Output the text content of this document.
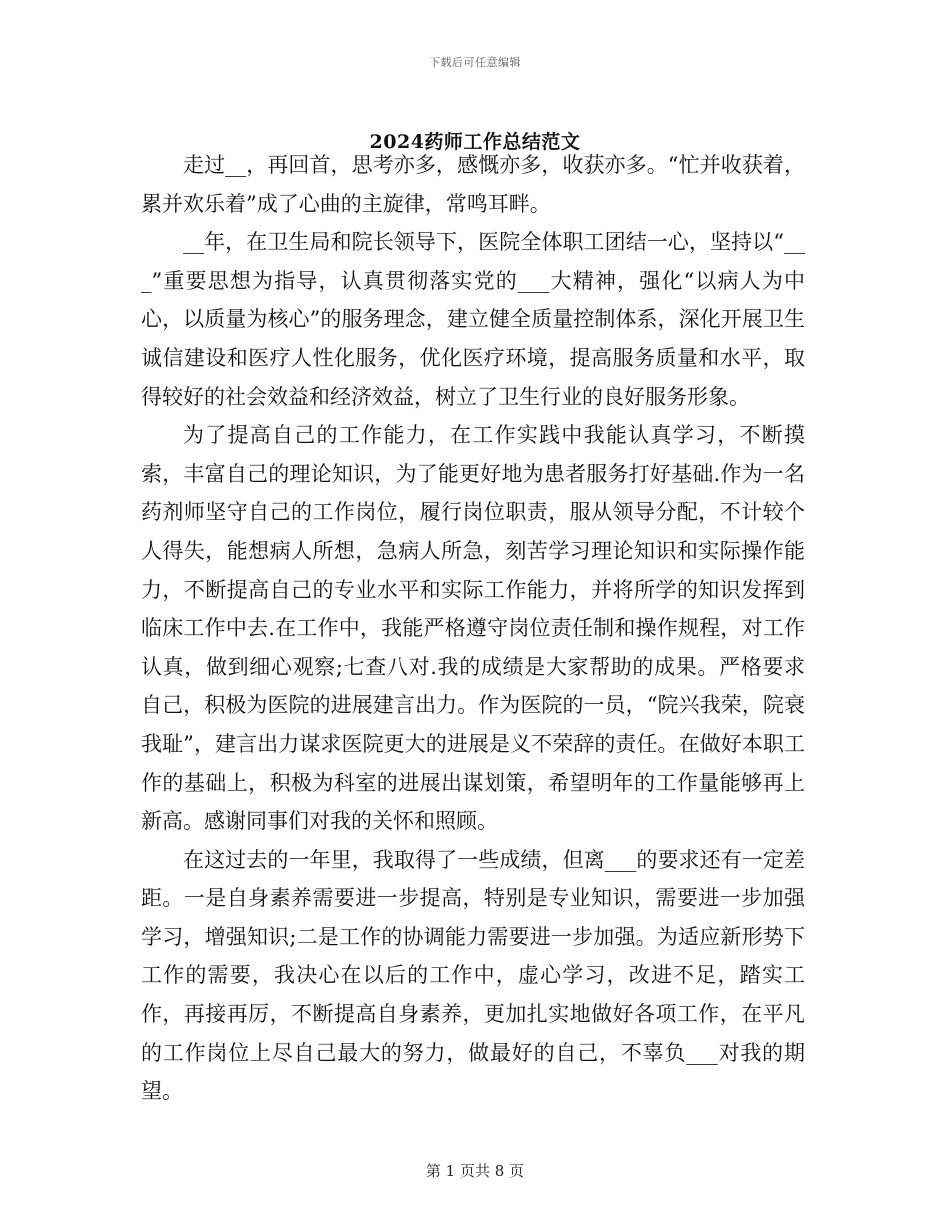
下载后可任意编辑
2024药师工作总结范文

走过__，再回首，思考亦多，感慨亦多，收获亦多。“忙并收获着，累并欢乐着”成了心曲的主旋律，常鸣耳畔。

__年，在卫生局和院长领导下，医院全体职工团结一心，坚持以“___”重要思想为指导，认真贯彻落实党的___大精神，强化“以病人为中心，以质量为核心”的服务理念，建立健全质量控制体系，深化开展卫生诚信建设和医疗人性化服务，优化医疗环境，提高服务质量和水平，取得较好的社会效益和经济效益，树立了卫生行业的良好服务形象。

为了提高自己的工作能力，在工作实践中我能认真学习，不断摸索，丰富自己的理论知识，为了能更好地为患者服务打好基础.作为一名药剂师坚守自己的工作岗位，履行岗位职责，服从领导分配，不计较个人得失，能想病人所想，急病人所急，刻苦学习理论知识和实际操作能力，不断提高自己的专业水平和实际工作能力，并将所学的知识发挥到临床工作中去.在工作中，我能严格遵守岗位责任制和操作规程，对工作认真，做到细心观察;七查八对.我的成绩是大家帮助的成果。严格要求自己，积极为医院的进展建言出力。作为医院的一员，“院兴我荣，院衰我耻”，建言出力谋求医院更大的进展是义不荣辞的责任。在做好本职工作的基础上，积极为科室的进展出谋划策，希望明年的工作量能够再上新高。感谢同事们对我的关怀和照顾。

在这过去的一年里，我取得了一些成绩，但离___的要求还有一定差距。一是自身素养需要进一步提高，特别是专业知识，需要进一步加强学习，增强知识;二是工作的协调能力需要进一步加强。为适应新形势下工作的需要，我决心在以后的工作中，虚心学习，改进不足，踏实工作，再接再厉，不断提高自身素养，更加扎实地做好各项工作，在平凡的工作岗位上尽自己最大的努力，做最好的自己，不辜负___对我的期望。

第 1 页共 8 页
